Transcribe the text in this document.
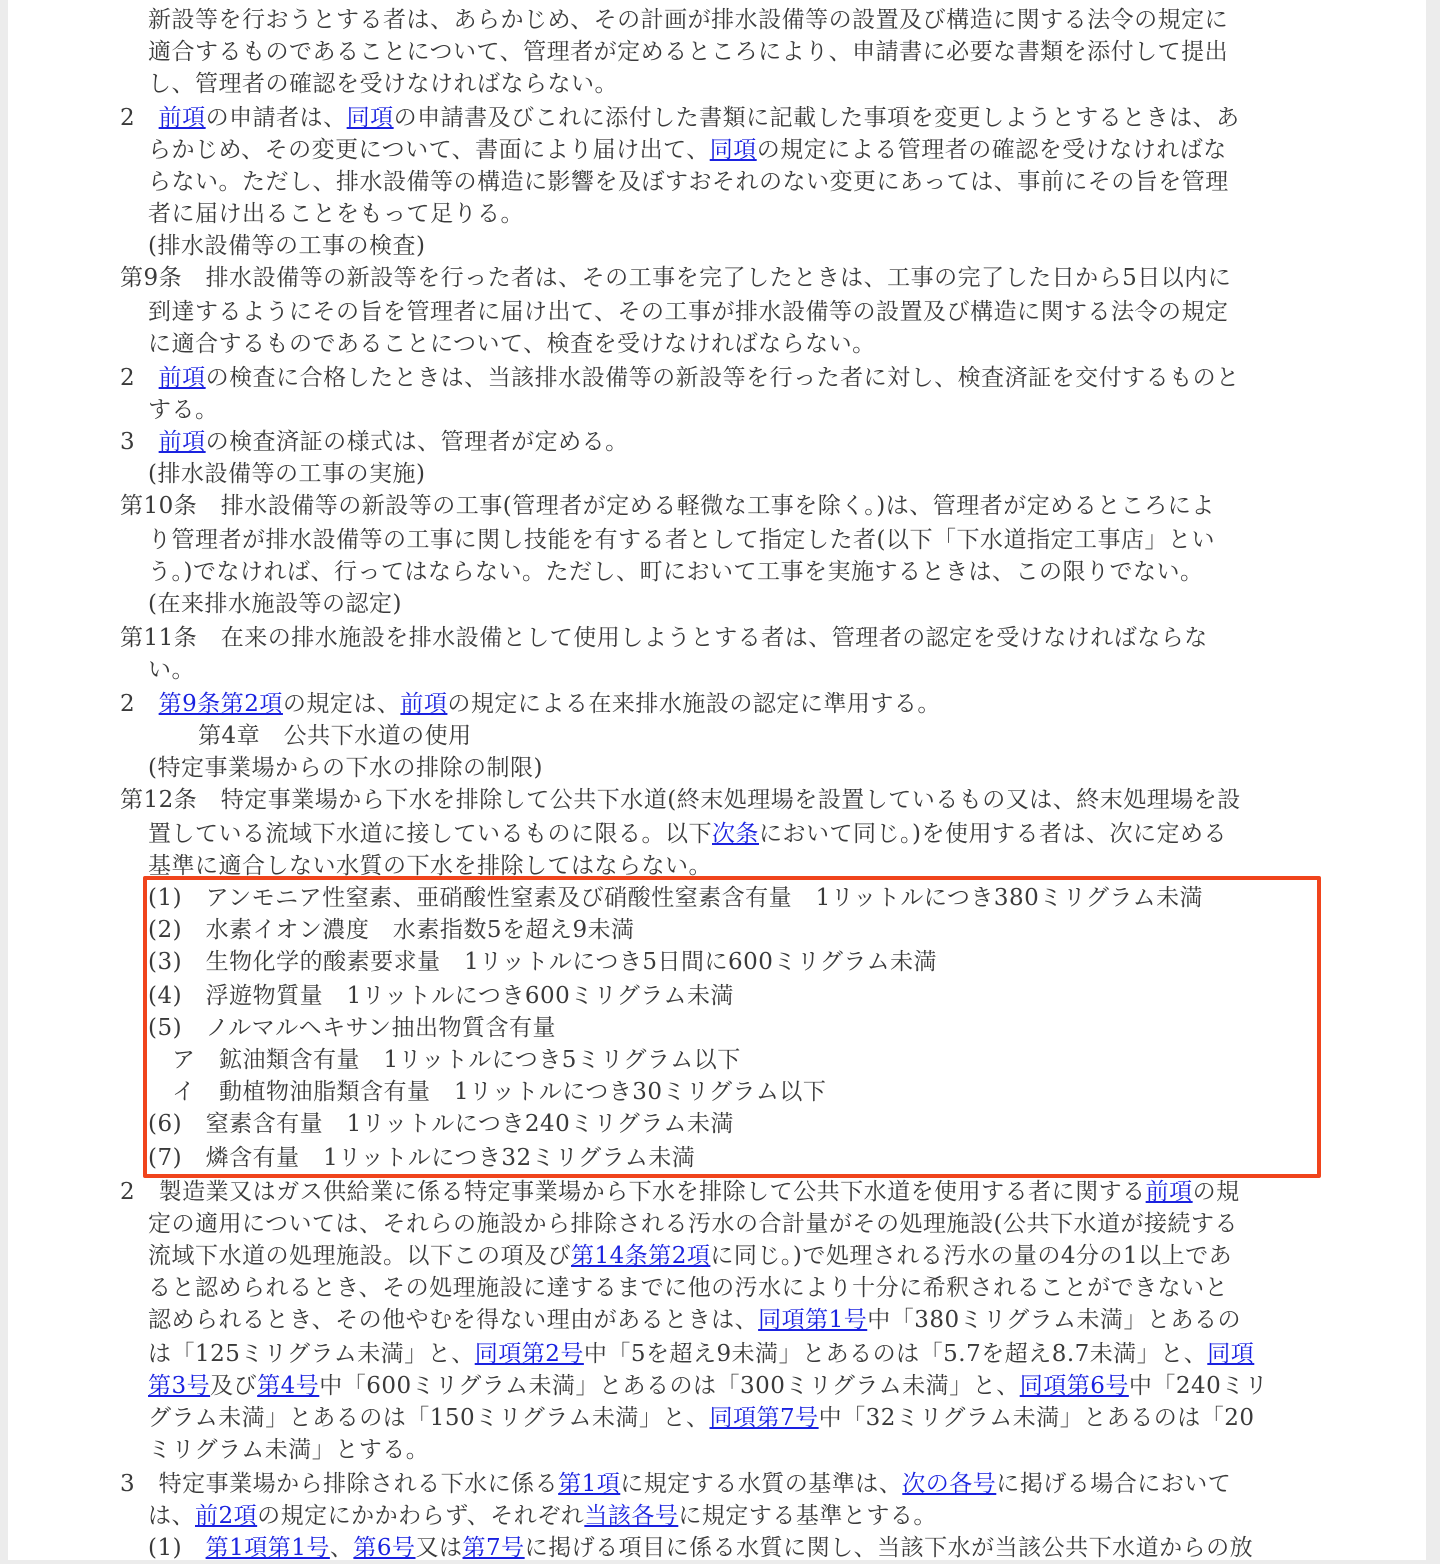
新設等を行おうとする者は、あらかじめ、その計画が排水設備等の設置及び構造に関する法令の規定に
適合するものであることについて、管理者が定めるところにより、申請書に必要な書類を添付して提出
し、管理者の確認を受けなければならない。
2　前項の申請者は、同項の申請書及びこれに添付した書類に記載した事項を変更しようとするときは、あ
らかじめ、その変更について、書面により届け出て、同項の規定による管理者の確認を受けなければな
らない。ただし、排水設備等の構造に影響を及ぼすおそれのない変更にあっては、事前にその旨を管理
者に届け出ることをもって足りる。
(排水設備等の工事の検査)
第9条　排水設備等の新設等を行った者は、その工事を完了したときは、工事の完了した日から5日以内に
到達するようにその旨を管理者に届け出て、その工事が排水設備等の設置及び構造に関する法令の規定
に適合するものであることについて、検査を受けなければならない。
2　前項の検査に合格したときは、当該排水設備等の新設等を行った者に対し、検査済証を交付するものと
する。
3　前項の検査済証の様式は、管理者が定める。
(排水設備等の工事の実施)
第10条　排水設備等の新設等の工事(管理者が定める軽微な工事を除く。)は、管理者が定めるところによ
り管理者が排水設備等の工事に関し技能を有する者として指定した者(以下「下水道指定工事店」とい
う。)でなければ、行ってはならない。ただし、町において工事を実施するときは、この限りでない。
(在来排水施設等の認定)
第11条　在来の排水施設を排水設備として使用しようとする者は、管理者の認定を受けなければならな
い。
2　第9条第2項の規定は、前項の規定による在来排水施設の認定に準用する。
第4章　公共下水道の使用
(特定事業場からの下水の排除の制限)
第12条　特定事業場から下水を排除して公共下水道(終末処理場を設置しているもの又は、終末処理場を設
置している流域下水道に接しているものに限る。以下次条において同じ。)を使用する者は、次に定める
基準に適合しない水質の下水を排除してはならない。
(1)　アンモニア性窒素、亜硝酸性窒素及び硝酸性窒素含有量　1リットルにつき380ミリグラム未満
(2)　水素イオン濃度　水素指数5を超え9未満
(3)　生物化学的酸素要求量　1リットルにつき5日間に600ミリグラム未満
(4)　浮遊物質量　1リットルにつき600ミリグラム未満
(5)　ノルマルヘキサン抽出物質含有量
ア　鉱油類含有量　1リットルにつき5ミリグラム以下
イ　動植物油脂類含有量　1リットルにつき30ミリグラム以下
(6)　窒素含有量　1リットルにつき240ミリグラム未満
(7)　燐含有量　1リットルにつき32ミリグラム未満
2　製造業又はガス供給業に係る特定事業場から下水を排除して公共下水道を使用する者に関する前項の規
定の適用については、それらの施設から排除される汚水の合計量がその処理施設(公共下水道が接続する
流域下水道の処理施設。以下この項及び第14条第2項に同じ。)で処理される汚水の量の4分の1以上であ
ると認められるとき、その処理施設に達するまでに他の汚水により十分に希釈されることができないと
認められるとき、その他やむを得ない理由があるときは、同項第1号中「380ミリグラム未満」とあるの
は「125ミリグラム未満」と、同項第2号中「5を超え9未満」とあるのは「5.7を超え8.7未満」と、同項
第3号及び第4号中「600ミリグラム未満」とあるのは「300ミリグラム未満」と、同項第6号中「240ミリ
グラム未満」とあるのは「150ミリグラム未満」と、同項第7号中「32ミリグラム未満」とあるのは「20
ミリグラム未満」とする。
3　特定事業場から排除される下水に係る第1項に規定する水質の基準は、次の各号に掲げる場合において
は、前2項の規定にかかわらず、それぞれ当該各号に規定する基準とする。
(1)　第1項第1号、第6号又は第7号に掲げる項目に係る水質に関し、当該下水が当該公共下水道からの放
